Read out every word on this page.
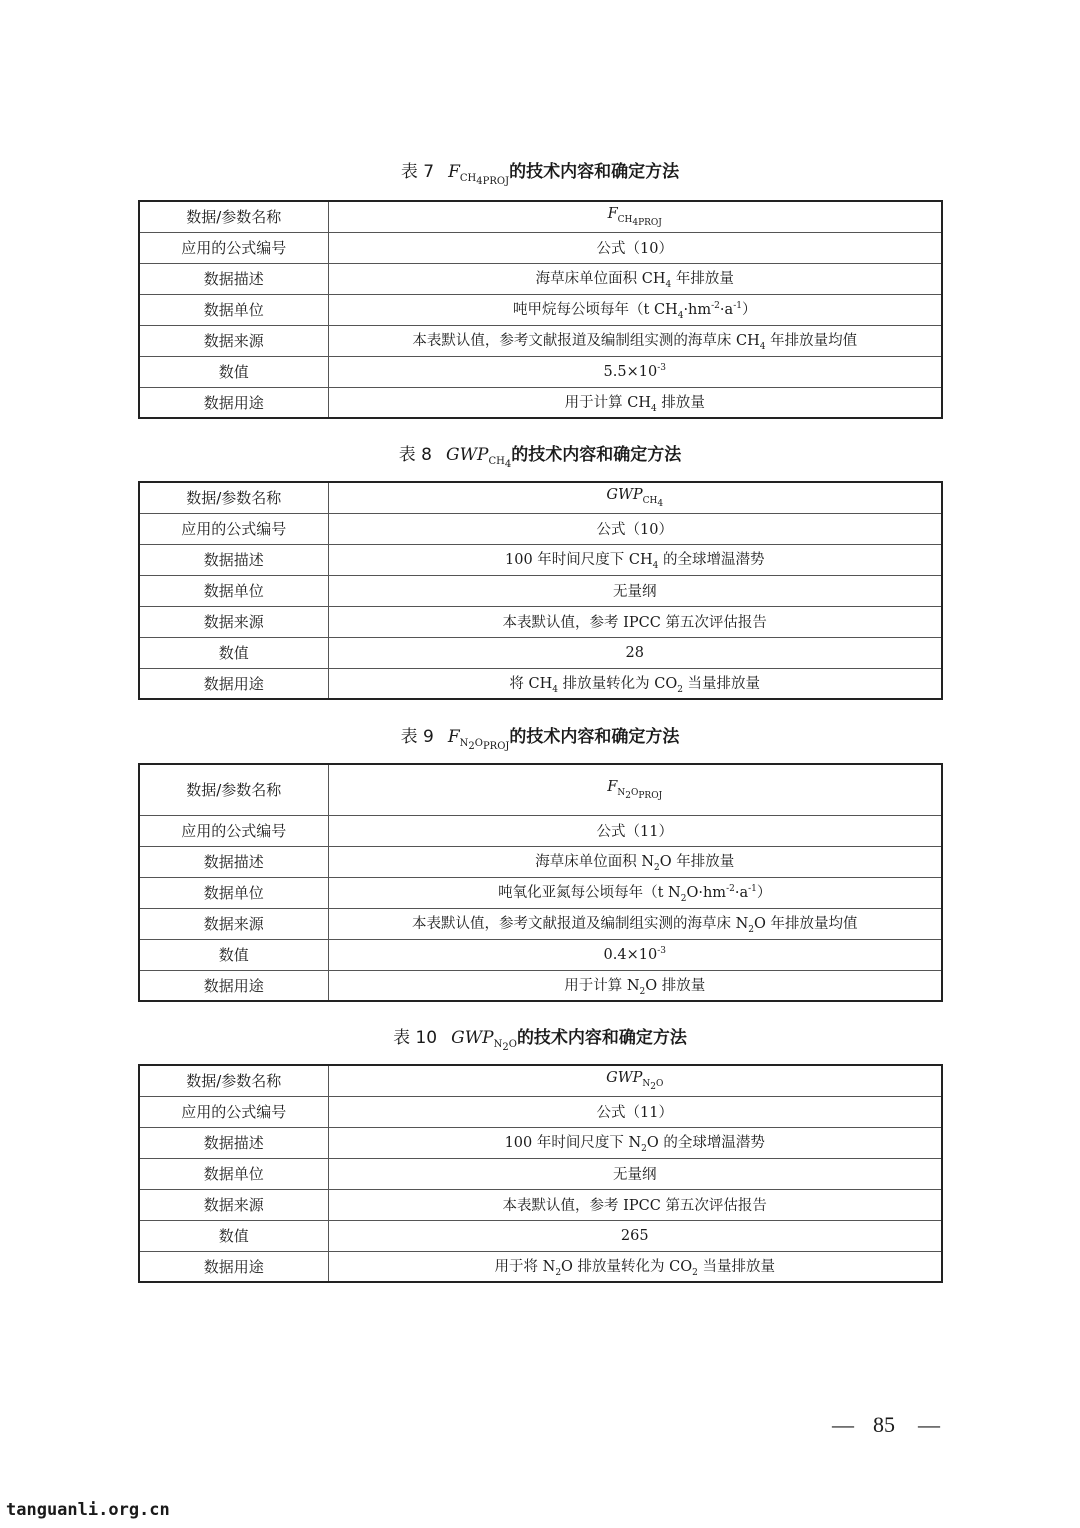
表 7 $F_{CH_{4PROJ}}$的技术内容和确定方法
数据/参数名称	$F_{CH_{4PROJ}}$
应用的公式编号	公式（10）
数据描述	海草床单位面积 $CH_4$ 年排放量
数据单位	吨甲烷每公顷每年（t $CH_4\cdot hm^{-2}\cdot a^{-1}$）
数据来源	本表默认值，参考文献报道及编制组实测的海草床 $CH_4$ 年排放量均值
数值	$5.5\times 10^{-3}$
数据用途	用于计算 $CH_4$ 排放量
表 8 $GWP_{CH_4}$的技术内容和确定方法
数据/参数名称	$GWP_{CH_4}$
应用的公式编号	公式（10）
数据描述	100 年时间尺度下 $CH_4$ 的全球增温潜势
数据单位	无量纲
数据来源	本表默认值，参考 IPCC 第五次评估报告
数值	28
数据用途	将 $CH_4$ 排放量转化为 $CO_2$ 当量排放量
表 9 $F_{N_2O_{PROJ}}$的技术内容和确定方法
数据/参数名称	$F_{N_2O_{PROJ}}$
应用的公式编号	公式（11）
数据描述	海草床单位面积 $N_2O$ 年排放量
数据单位	吨氧化亚氮每公顷每年（t $N_2O\cdot hm^{-2}\cdot a^{-1}$）
数据来源	本表默认值，参考文献报道及编制组实测的海草床 $N_2O$ 年排放量均值
数值	$0.4\times 10^{-3}$
数据用途	用于计算 $N_2O$ 排放量
表 10 $GWP_{N_2O}$的技术内容和确定方法
数据/参数名称	$GWP_{N_2O}$
应用的公式编号	公式（11）
数据描述	100 年时间尺度下 $N_2O$ 的全球增温潜势
数据单位	无量纲
数据来源	本表默认值，参考 IPCC 第五次评估报告
数值	265
数据用途	用于将 $N_2O$ 排放量转化为 $CO_2$ 当量排放量
— 85 —
tanguanli.org.cn
